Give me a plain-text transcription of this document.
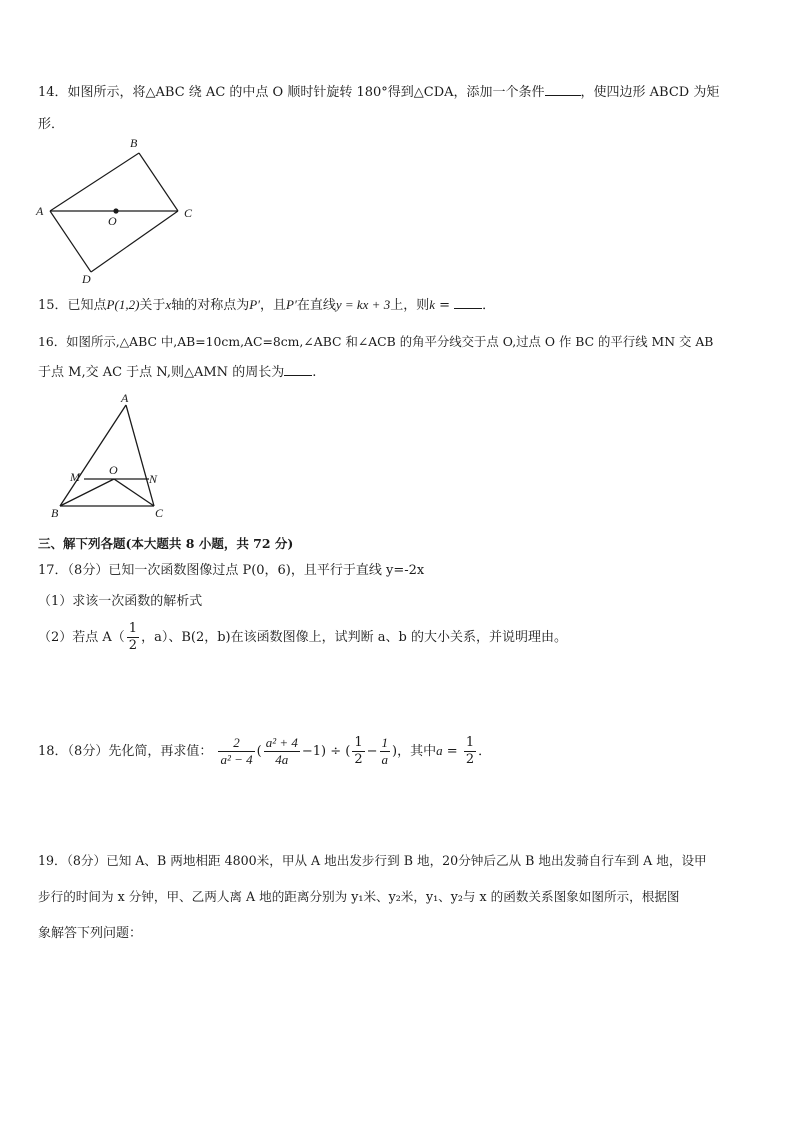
14．如图所示，将△ABC 绕 AC 的中点 O 顺时针旋转 180°得到△CDA，添加一个条件	，使四边形 ABCD 为矩
形．
A
B
C
D
O
15．已知点P(1,2)关于x轴的对称点为P′，且P′在直线y = kx + 3上，则k = ．
16．如图所示,△ABC 中,AB=10cm,AC=8cm,∠ABC 和∠ACB 的角平分线交于点 O,过点 O 作 BC 的平行线 MN 交 AB
于点 M,交 AC 于点 N,则△AMN 的周长为 .
A
B	C
M	N
O
三、解下列各题(本大题共 8 小题，共 72 分)
17．（8分）已知一次函数图像过点 P(0，6)，且平行于直线 y=-2x
（1）求该一次函数的解析式
（2）若点 $A( \frac{1}{2}$ ，a）、B(2，b)在该函数图像上，试判断 a、b 的大小关系，并说明理由。
18．（8分）先化简，再求值： $\frac{2}{\text{a² − 4}}$ ( $\frac{\text{a² + 4}}{4a} -1$) ÷ ( $\frac{1}{2} - \frac{1}{a}$ )，其中$a = \frac{1}{2}$ ．
19．（8分）已知 A、B 两地相距 4800米，甲从 A 地出发步行到 B 地，20分钟后乙从 B 地出发骑自行车到 A 地，设甲
步行的时间为 x 分钟，甲、乙两人离 A 地的距离分别为 y₁米、y₂米，y₁、y₂与 x 的函数关系图象如图所示，根据图
象解答下列问题：
